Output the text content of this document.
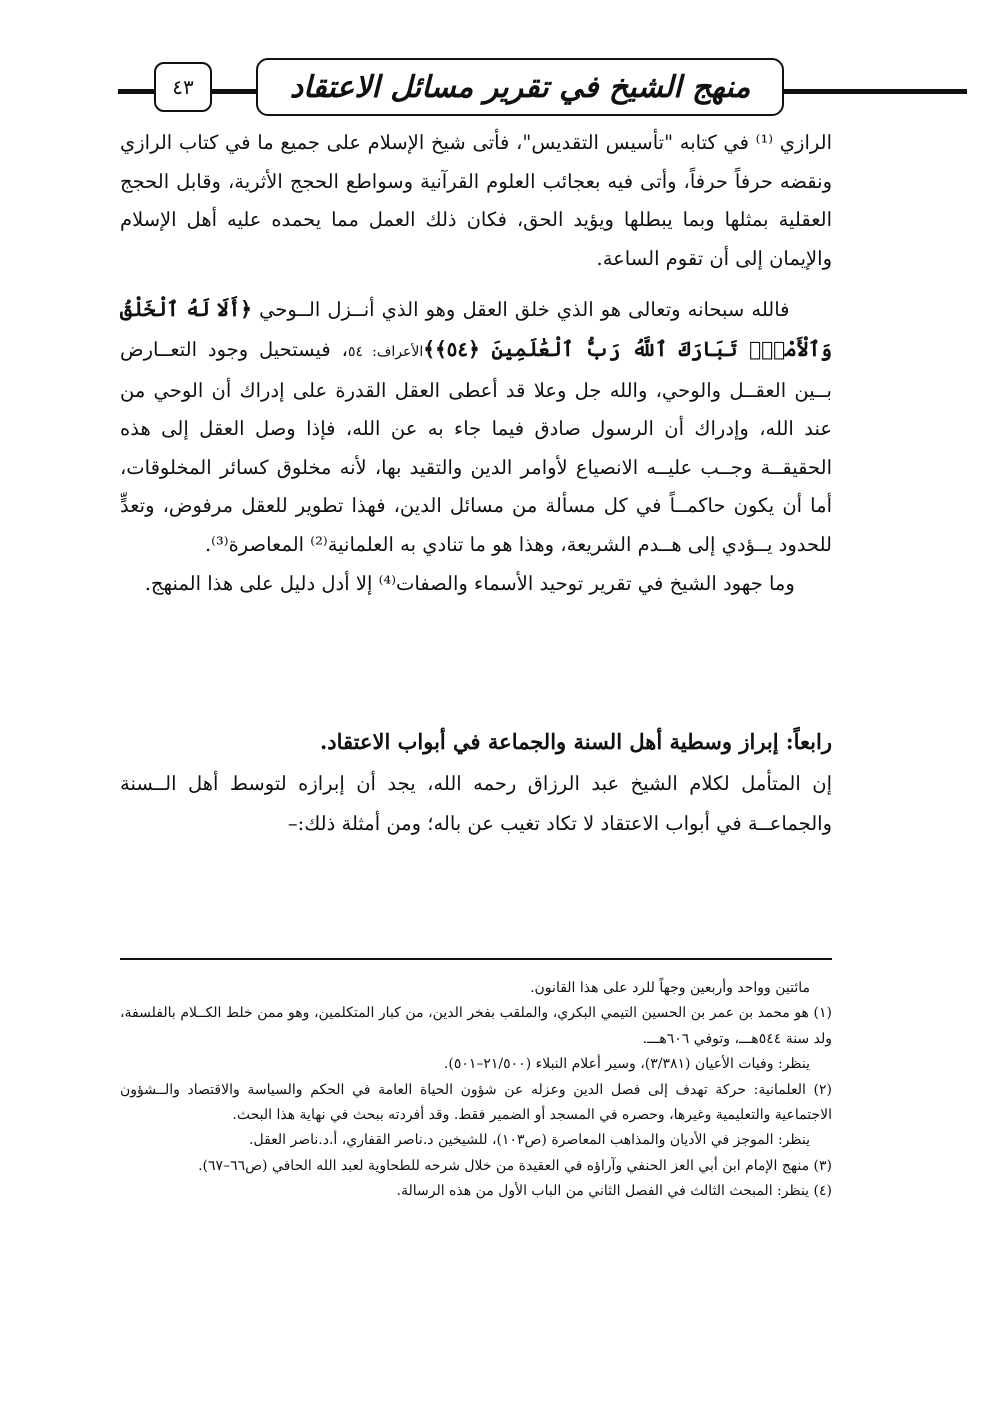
٤٣	منهج الشيخ في تقرير مسائل الاعتقاد

الرازي ⁽¹⁾ في كتابه "تأسيس التقديس"، فأتى شيخ الإسلام على جميع ما في كتاب الرازي ونقضه حرفاً حرفاً، وأتى فيه بعجائب العلوم القرآنية وسواطع الحجج الأثرية، وقابل الحجج العقلية بمثلها وبما يبطلها ويؤيد الحق، فكان ذلك العمل مما يحمده عليه أهل الإسلام والإيمان إلى أن تقوم الساعة.

فالله سبحانه وتعالى هو الذي خلق العقل وهو الذي أنــزل الــوحي ﴿أَلَا لَهُ ٱلْخَلْقُ وَٱلْأَمْرُۗ تَبَارَكَ ٱللَّهُ رَبُّ ٱلْعَٰلَمِينَ ﴿٥٤﴾﴾الأعراف: ٥٤، فيستحيل وجود التعــارض بــين العقــل والوحي، والله جل وعلا قد أعطى العقل القدرة على إدراك أن الوحي من عند الله، وإدراك أن الرسول صادق فيما جاء به عن الله، فإذا وصل العقل إلى هذه الحقيقــة وجــب عليــه الانصياع لأوامر الدين والتقيد بها، لأنه مخلوق كسائر المخلوقات، أما أن يكون حاكمــاً في كل مسألة من مسائل الدين، فهذا تطوير للعقل مرفوض، وتعدٍّ للحدود يــؤدي إلى هــدم الشريعة، وهذا هو ما تنادي به العلمانية⁽²⁾ المعاصرة⁽³⁾.

وما جهود الشيخ في تقرير توحيد الأسماء والصفات⁽⁴⁾ إلا أدل دليل على هذا المنهج.

رابعاً: إبراز وسطية أهل السنة والجماعة في أبواب الاعتقاد.

إن المتأمل لكلام الشيخ عبد الرزاق رحمه الله، يجد أن إبرازه لتوسط أهل الــسنة والجماعــة في أبواب الاعتقاد لا تكاد تغيب عن باله؛ ومن أمثلة ذلك:–

مائتين وواحد وأربعين وجهاً للرد على هذا القانون.

(١) هو محمد بن عمر بن الحسين التيمي البكري، والملقب بفخر الدين، من كبار المتكلمين، وهو ممن خلط الكــلام بالفلسفة، ولد سنة ٥٤٤هـــ، وتوفي ٦٠٦هـــ.

ينظر: وفيات الأعيان (٣/٣٨١)، وسير أعلام النبلاء (٢١/٥٠٠–٥٠١).

(٢) العلمانية: حركة تهدف إلى فصل الدين وعزله عن شؤون الحياة العامة في الحكم والسياسة والاقتصاد والــشؤون الاجتماعية والتعليمية وغيرها، وحصره في المسجد أو الضمير فقط. وقد أفردته ببحث في نهاية هذا البحث.

ينظر: الموجز في الأديان والمذاهب المعاصرة (ص١٠٣)، للشيخين د.ناصر القفاري، أ.د.ناصر العقل.

(٣) منهج الإمام ابن أبي العز الحنفي وآراؤه في العقيدة من خلال شرحه للطحاوية لعبد الله الحافي (ص٦٦–٦٧).

(٤) ينظر: المبحث الثالث في الفصل الثاني من الباب الأول من هذه الرسالة.
